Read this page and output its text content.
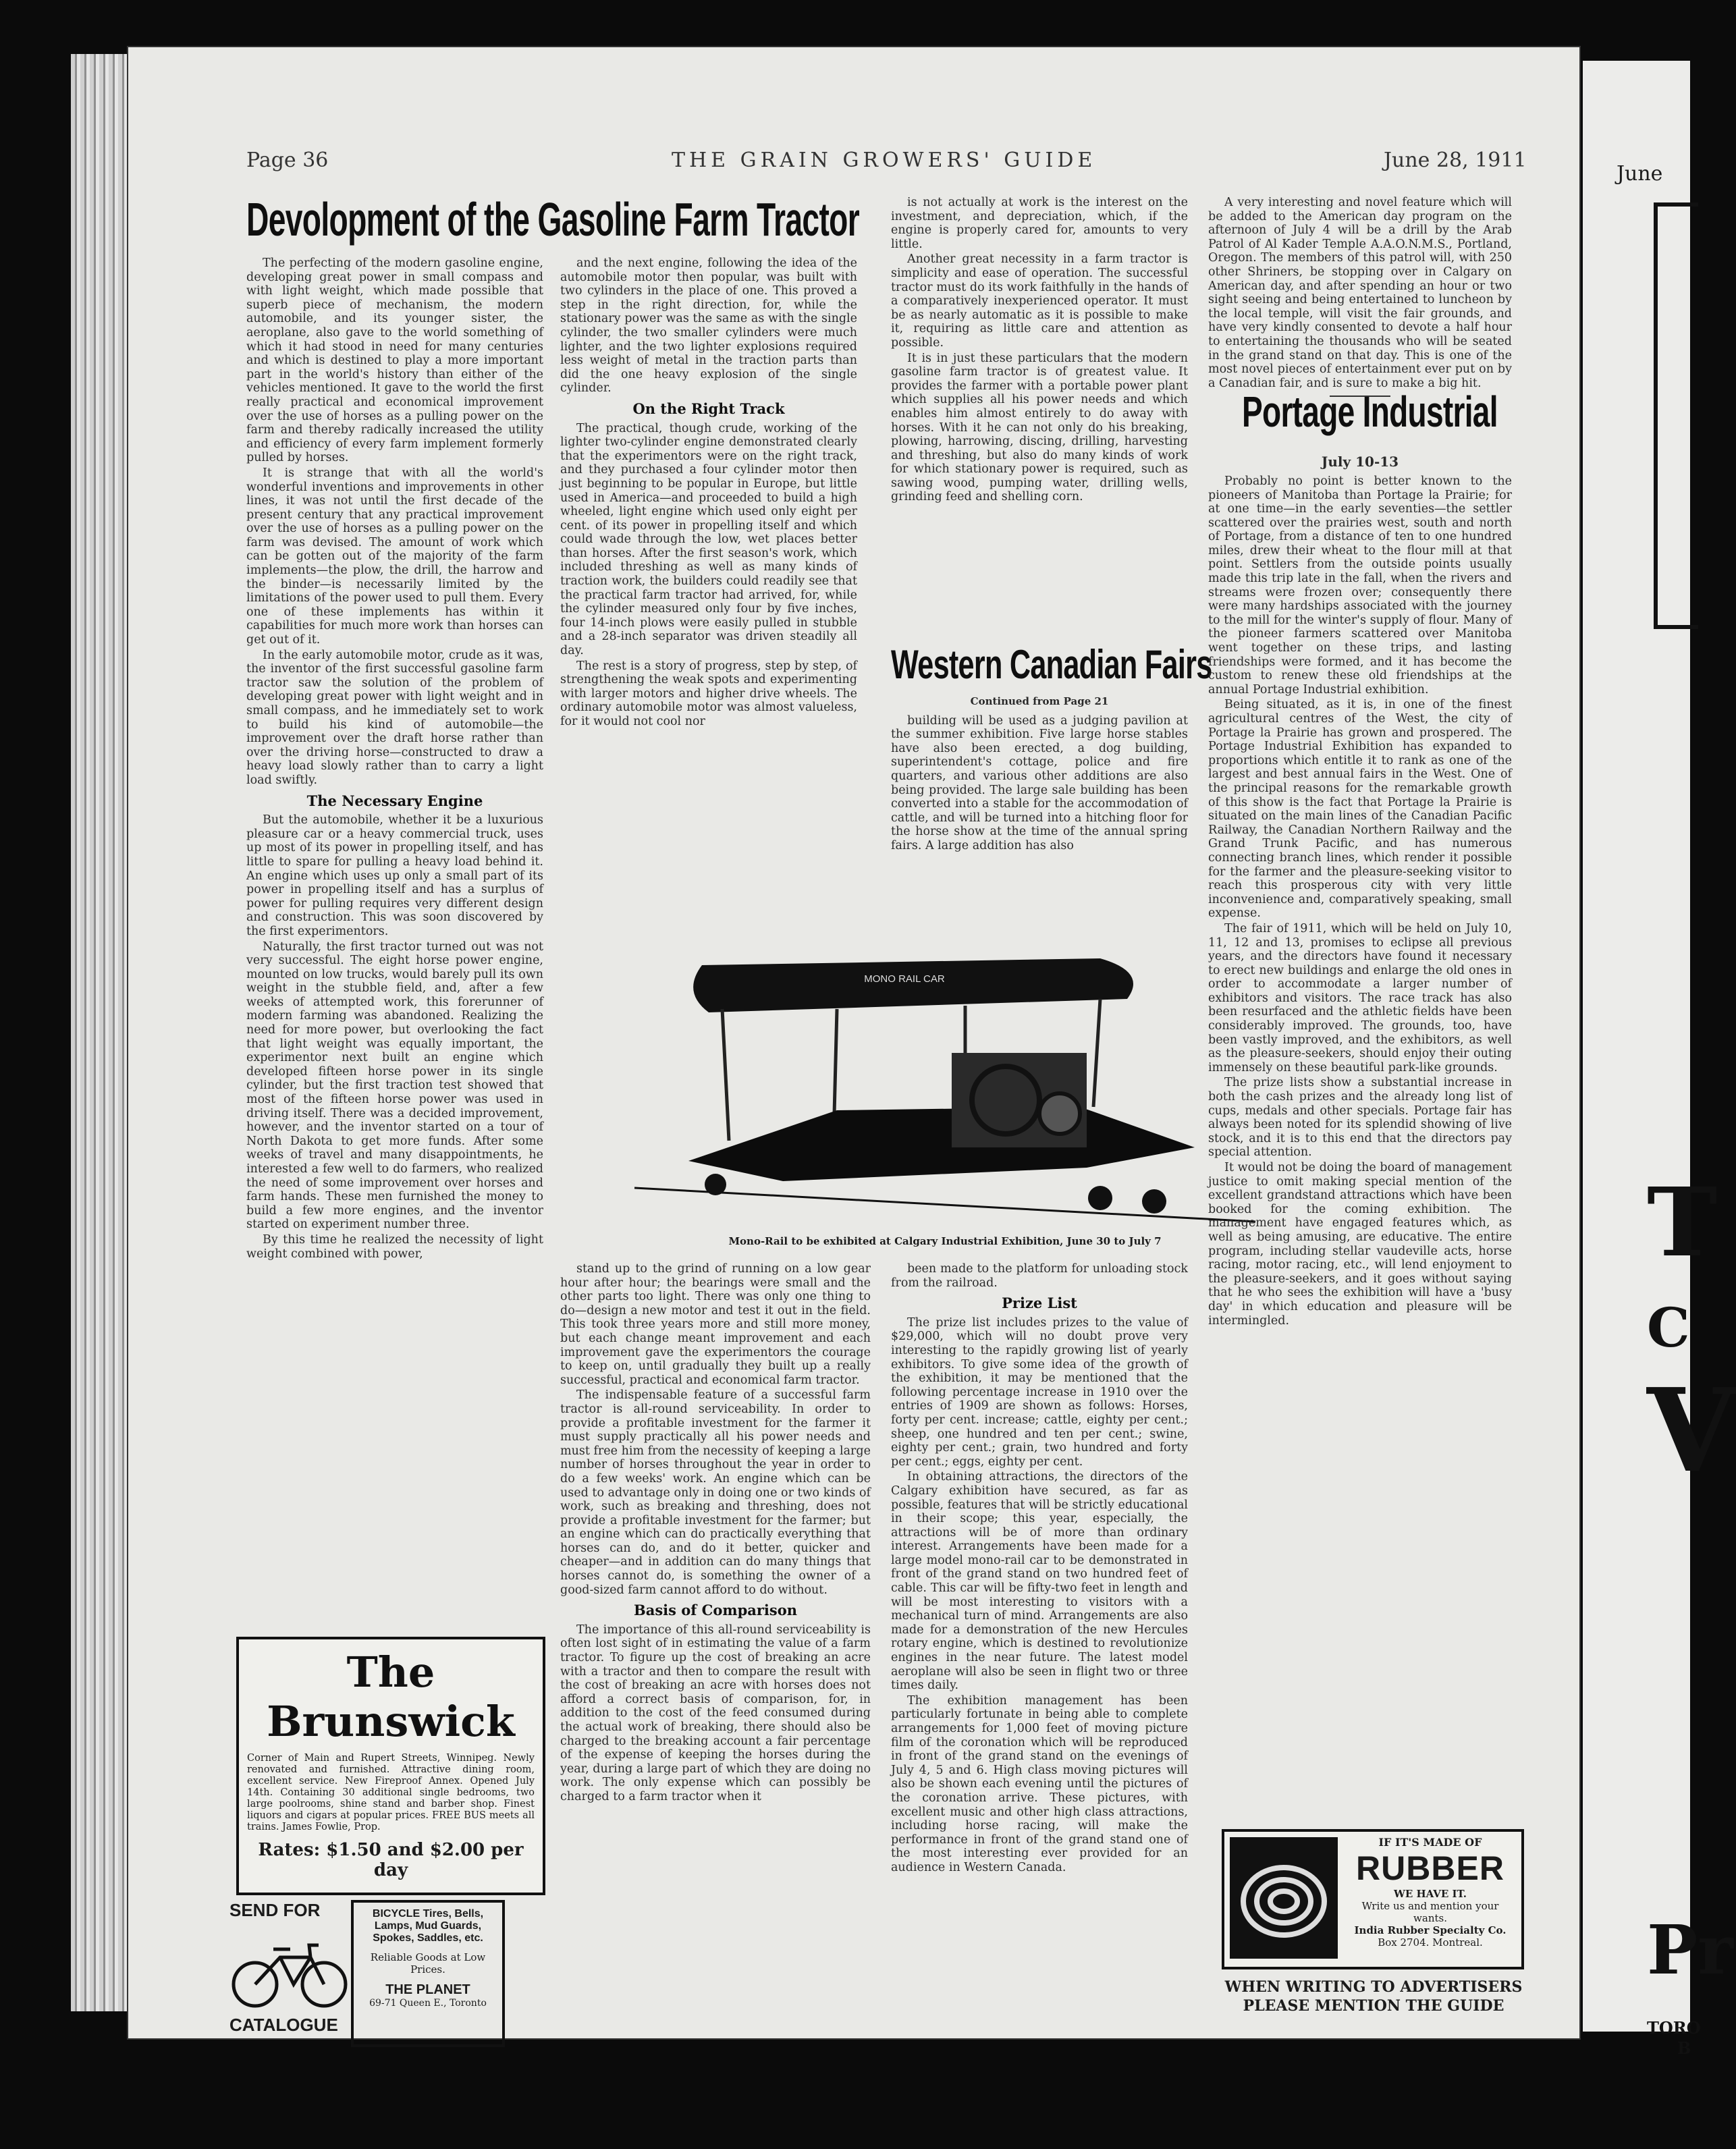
Page 36	THE GRAIN GROWERS' GUIDE	June 28, 1911
Devolopment of the Gasoline Farm Tractor

The perfecting of the modern gasoline engine, developing great power in small compass and with light weight, which made possible that superb piece of mechanism, the modern automobile, and its younger sister, the aeroplane, also gave to the world something of which it had stood in need for many centuries and which is destined to play a more important part in the world's history than either of the vehicles mentioned. It gave to the world the first really practical and economical improvement over the use of horses as a pulling power on the farm and thereby radically increased the utility and efficiency of every farm implement formerly pulled by horses.

It is strange that with all the world's wonderful inventions and improvements in other lines, it was not until the first decade of the present century that any practical improvement over the use of horses as a pulling power on the farm was devised. The amount of work which can be gotten out of the majority of the farm implements—the plow, the drill, the harrow and the binder—is necessarily limited by the limitations of the power used to pull them. Every one of these implements has within it capabilities for much more work than horses can get out of it.

In the early automobile motor, crude as it was, the inventor of the first successful gasoline farm tractor saw the solution of the problem of developing great power with light weight and in small compass, and he immediately set to work to build his kind of automobile—the improvement over the draft horse rather than over the driving horse—constructed to draw a heavy load slowly rather than to carry a light load swiftly.

The Necessary Engine

But the automobile, whether it be a luxurious pleasure car or a heavy commercial truck, uses up most of its power in propelling itself, and has little to spare for pulling a heavy load behind it. An engine which uses up only a small part of its power in propelling itself and has a surplus of power for pulling requires very different design and construction. This was soon discovered by the first experimentors.

Naturally, the first tractor turned out was not very successful. The eight horse power engine, mounted on low trucks, would barely pull its own weight in the stubble field, and, after a few weeks of attempted work, this forerunner of modern farming was abandoned. Realizing the need for more power, but overlooking the fact that light weight was equally important, the experimentor next built an engine which developed fifteen horse power in its single cylinder, but the first traction test showed that most of the fifteen horse power was used in driving itself. There was a decided improvement, however, and the inventor started on a tour of North Dakota to get more funds. After some weeks of travel and many disappointments, he interested a few well to do farmers, who realized the need of some improvement over horses and farm hands. These men furnished the money to build a few more engines, and the inventor started on experiment number three.

By this time he realized the necessity of light weight combined with power,

and the next engine, following the idea of the automobile motor then popular, was built with two cylinders in the place of one. This proved a step in the right direction, for, while the stationary power was the same as with the single cylinder, the two smaller cylinders were much lighter, and the two lighter explosions required less weight of metal in the traction parts than did the one heavy explosion of the single cylinder.

On the Right Track

The practical, though crude, working of the lighter two-cylinder engine demonstrated clearly that the experimentors were on the right track, and they purchased a four cylinder motor then just beginning to be popular in Europe, but little used in America—and proceeded to build a high wheeled, light engine which used only eight per cent. of its power in propelling itself and which could wade through the low, wet places better than horses. After the first season's work, which included threshing as well as many kinds of traction work, the builders could readily see that the practical farm tractor had arrived, for, while the cylinder measured only four by five inches, four 14-inch plows were easily pulled in stubble and a 28-inch separator was driven steadily all day.

The rest is a story of progress, step by step, of strengthening the weak spots and experimenting with larger motors and higher drive wheels. The ordinary automobile motor was almost valueless, for it would not cool nor

is not actually at work is the interest on the investment, and depreciation, which, if the engine is properly cared for, amounts to very little.

Another great necessity in a farm tractor is simplicity and ease of operation. The successful tractor must do its work faithfully in the hands of a comparatively inexperienced operator. It must be as nearly automatic as it is possible to make it, requiring as little care and attention as possible.

It is in just these particulars that the modern gasoline farm tractor is of greatest value. It provides the farmer with a portable power plant which supplies all his power needs and which enables him almost entirely to do away with horses. With it he can not only do his breaking, plowing, harrowing, discing, drilling, harvesting and threshing, but also do many kinds of work for which stationary power is required, such as sawing wood, pumping water, drilling wells, grinding feed and shelling corn.

Western Canadian Fairs
Continued from Page 21

building will be used as a judging pavilion at the summer exhibition. Five large horse stables have also been erected, a dog building, superintendent's cottage, police and fire quarters, and various other additions are also being provided. The large sale building has been converted into a stable for the accommodation of cattle, and will be turned into a hitching floor for the horse show at the time of the annual spring fairs. A large addition has also

MONO RAIL CAR
Mono-Rail to be exhibited at Calgary Industrial Exhibition, June 30 to July 7

stand up to the grind of running on a low gear hour after hour; the bearings were small and the other parts too light. There was only one thing to do—design a new motor and test it out in the field. This took three years more and still more money, but each change meant improvement and each improvement gave the experimentors the courage to keep on, until gradually they built up a really successful, practical and economical farm tractor.

The indispensable feature of a successful farm tractor is all-round serviceability. In order to provide a profitable investment for the farmer it must supply practically all his power needs and must free him from the necessity of keeping a large number of horses throughout the year in order to do a few weeks' work. An engine which can be used to advantage only in doing one or two kinds of work, such as breaking and threshing, does not provide a profitable investment for the farmer; but an engine which can do practically everything that horses can do, and do it better, quicker and cheaper—and in addition can do many things that horses cannot do, is something the owner of a good-sized farm cannot afford to do without.

Basis of Comparison

The importance of this all-round serviceability is often lost sight of in estimating the value of a farm tractor. To figure up the cost of breaking an acre with a tractor and then to compare the result with the cost of breaking an acre with horses does not afford a correct basis of comparison, for, in addition to the cost of the feed consumed during the actual work of breaking, there should also be charged to the breaking account a fair percentage of the expense of keeping the horses during the year, during a large part of which they are doing no work. The only expense which can possibly be charged to a farm tractor when it

been made to the platform for unloading stock from the railroad.

Prize List

The prize list includes prizes to the value of $29,000, which will no doubt prove very interesting to the rapidly growing list of yearly exhibitors. To give some idea of the growth of the exhibition, it may be mentioned that the following percentage increase in 1910 over the entries of 1909 are shown as follows: Horses, forty per cent. increase; cattle, eighty per cent.; sheep, one hundred and ten per cent.; swine, eighty per cent.; grain, two hundred and forty per cent.; eggs, eighty per cent.

In obtaining attractions, the directors of the Calgary exhibition have secured, as far as possible, features that will be strictly educational in their scope; this year, especially, the attractions will be of more than ordinary interest. Arrangements have been made for a large model mono-rail car to be demonstrated in front of the grand stand on two hundred feet of cable. This car will be fifty-two feet in length and will be most interesting to visitors with a mechanical turn of mind. Arrangements are also made for a demonstration of the new Hercules rotary engine, which is destined to revolutionize engines in the near future. The latest model aeroplane will also be seen in flight two or three times daily.

The exhibition management has been particularly fortunate in being able to complete arrangements for 1,000 feet of moving picture film of the coronation which will be reproduced in front of the grand stand on the evenings of July 4, 5 and 6. High class moving pictures will also be shown each evening until the pictures of the coronation arrive. These pictures, with excellent music and other high class attractions, including horse racing, will make the performance in front of the grand stand one of the most interesting ever provided for an audience in Western Canada.

A very interesting and novel feature which will be added to the American day program on the afternoon of July 4 will be a drill by the Arab Patrol of Al Kader Temple A.A.O.N.M.S., Portland, Oregon. The members of this patrol will, with 250 other Shriners, be stopping over in Calgary on American day, and after spending an hour or two sight seeing and being entertained to luncheon by the local temple, will visit the fair grounds, and have very kindly consented to devote a half hour to entertaining the thousands who will be seated in the grand stand on that day. This is one of the most novel pieces of entertainment ever put on by a Canadian fair, and is sure to make a big hit.

Portage Industrial
July 10-13

Probably no point is better known to the pioneers of Manitoba than Portage la Prairie; for at one time—in the early seventies—the settler scattered over the prairies west, south and north of Portage, from a distance of ten to one hundred miles, drew their wheat to the flour mill at that point. Settlers from the outside points usually made this trip late in the fall, when the rivers and streams were frozen over; consequently there were many hardships associated with the journey to the mill for the winter's supply of flour. Many of the pioneer farmers scattered over Manitoba went together on these trips, and lasting friendships were formed, and it has become the custom to renew these old friendships at the annual Portage Industrial exhibition.

Being situated, as it is, in one of the finest agricultural centres of the West, the city of Portage la Prairie has grown and prospered. The Portage Industrial Exhibition has expanded to proportions which entitle it to rank as one of the largest and best annual fairs in the West. One of the principal reasons for the remarkable growth of this show is the fact that Portage la Prairie is situated on the main lines of the Canadian Pacific Railway, the Canadian Northern Railway and the Grand Trunk Pacific, and has numerous connecting branch lines, which render it possible for the farmer and the pleasure-seeking visitor to reach this prosperous city with very little inconvenience and, comparatively speaking, small expense.

The fair of 1911, which will be held on July 10, 11, 12 and 13, promises to eclipse all previous years, and the directors have found it necessary to erect new buildings and enlarge the old ones in order to accommodate a larger number of exhibitors and visitors. The race track has also been resurfaced and the athletic fields have been considerably improved. The grounds, too, have been vastly improved, and the exhibitors, as well as the pleasure-seekers, should enjoy their outing immensely on these beautiful park-like grounds.

The prize lists show a substantial increase in both the cash prizes and the already long list of cups, medals and other specials. Portage fair has always been noted for its splendid showing of live stock, and it is to this end that the directors pay special attention.

It would not be doing the board of management justice to omit making special mention of the excellent grandstand attractions which have been booked for the coming exhibition. The management have engaged features which, as well as being amusing, are educative. The entire program, including stellar vaudeville acts, horse racing, motor racing, etc., will lend enjoyment to the pleasure-seekers, and it goes without saying that he who sees the exhibition will have a 'busy day' in which education and pleasure will be intermingled.

The Brunswick
Corner of Main and Rupert Streets, Winnipeg. Newly renovated and furnished. Attractive dining room, excellent service. New Fireproof Annex. Opened July 14th. Containing 30 additional single bedrooms, two large poolrooms, shine stand and barber shop. Finest liquors and cigars at popular prices. FREE BUS meets all trains. James Fowlie, Prop.
Rates: $1.50 and $2.00 per day
SEND FOR
CATALOGUE
BICYCLE Tires, Bells, Lamps, Mud Guards, Spokes, Saddles, etc.
Reliable Goods at Low Prices.
THE PLANET
69-71 Queen E., Toronto
IF IT'S MADE OF
RUBBER
WE HAVE IT.
Write us and mention your wants.
India Rubber Specialty Co.
Box 2704. Montreal.
WHEN WRITING TO ADVERTISERS
PLEASE MENTION THE GUIDE
June
T
C
V
Pr
TORO
B
